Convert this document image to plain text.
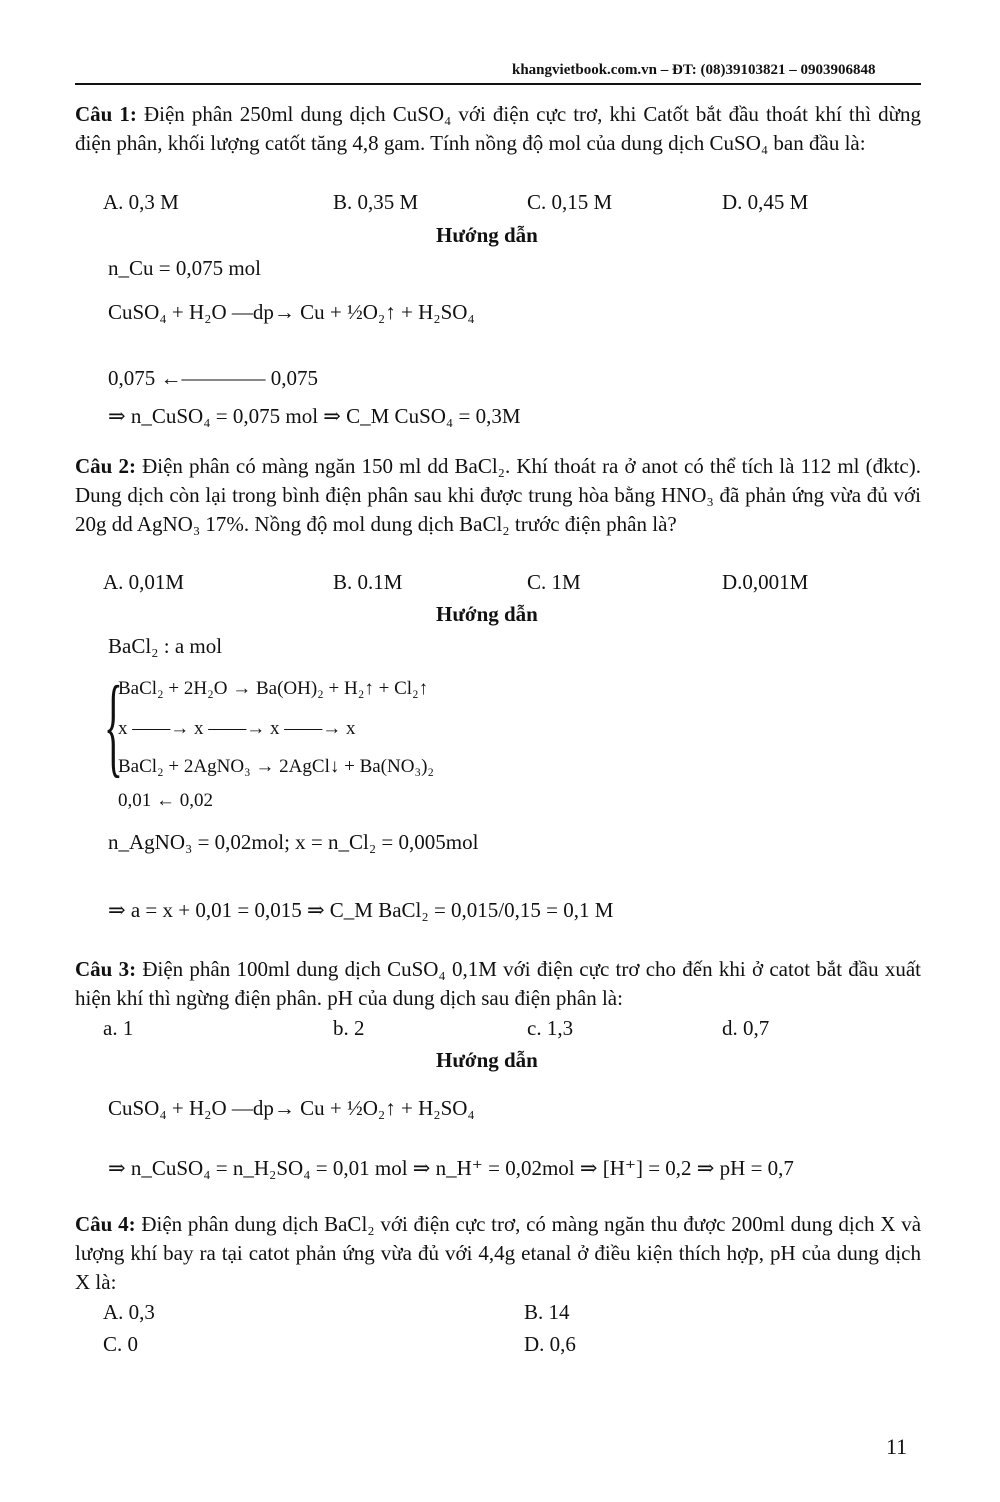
khangvietbook.com.vn – ĐT: (08)39103821 – 0903906848
Câu 1: Điện phân 250ml dung dịch CuSO₄ với điện cực trơ, khi Catốt bắt đầu thoát khí thì dừng điện phân, khối lượng catốt tăng 4,8 gam. Tính nồng độ mol của dung dịch CuSO₄ ban đầu là:
A. 0,3 M	B. 0,35 M	C. 0,15 M	D. 0,45 M
Hướng dẫn
n_Cu = 0,075 mol
CuSO₄ + H₂O —dp→ Cu + ½O₂↑ + H₂SO₄
0,075 ←———— 0,075
⇒ n_CuSO₄ = 0,075 mol ⇒ C_M CuSO₄ = 0,3M
Câu 2: Điện phân có màng ngăn 150 ml dd BaCl₂. Khí thoát ra ở anot có thể tích là 112 ml (đktc). Dung dịch còn lại trong bình điện phân sau khi được trung hòa bằng HNO₃ đã phản ứng vừa đủ với 20g dd AgNO₃ 17%. Nồng độ mol dung dịch BaCl₂ trước điện phân là?
A. 0,01M	B. 0.1M	C. 1M	D.0,001M
Hướng dẫn
BaCl₂ : a mol
{
BaCl₂ + 2H₂O → Ba(OH)₂ + H₂↑ + Cl₂↑
x ——→ x ——→ x ——→ x
BaCl₂ + 2AgNO₃ → 2AgCl↓ + Ba(NO₃)₂
0,01 ← 0,02
n_AgNO₃ = 0,02mol; x = n_Cl₂ = 0,005mol
⇒ a = x + 0,01 = 0,015 ⇒ C_M BaCl₂ = 0,015/0,15 = 0,1 M
Câu 3: Điện phân 100ml dung dịch CuSO₄ 0,1M với điện cực trơ cho đến khi ở catot bắt đầu xuất hiện khí thì ngừng điện phân. pH của dung dịch sau điện phân là:
a. 1	b. 2	c. 1,3	d. 0,7
Hướng dẫn
CuSO₄ + H₂O —dp→ Cu + ½O₂↑ + H₂SO₄
⇒ n_CuSO₄ = n_H₂SO₄ = 0,01 mol ⇒ n_H⁺ = 0,02mol ⇒ [H⁺] = 0,2 ⇒ pH = 0,7
Câu 4: Điện phân dung dịch BaCl₂ với điện cực trơ, có màng ngăn thu được 200ml dung dịch X và lượng khí bay ra tại catot phản ứng vừa đủ với 4,4g etanal ở điều kiện thích hợp, pH của dung dịch X là:
A. 0,3	B. 14
C. 0	D. 0,6
11
